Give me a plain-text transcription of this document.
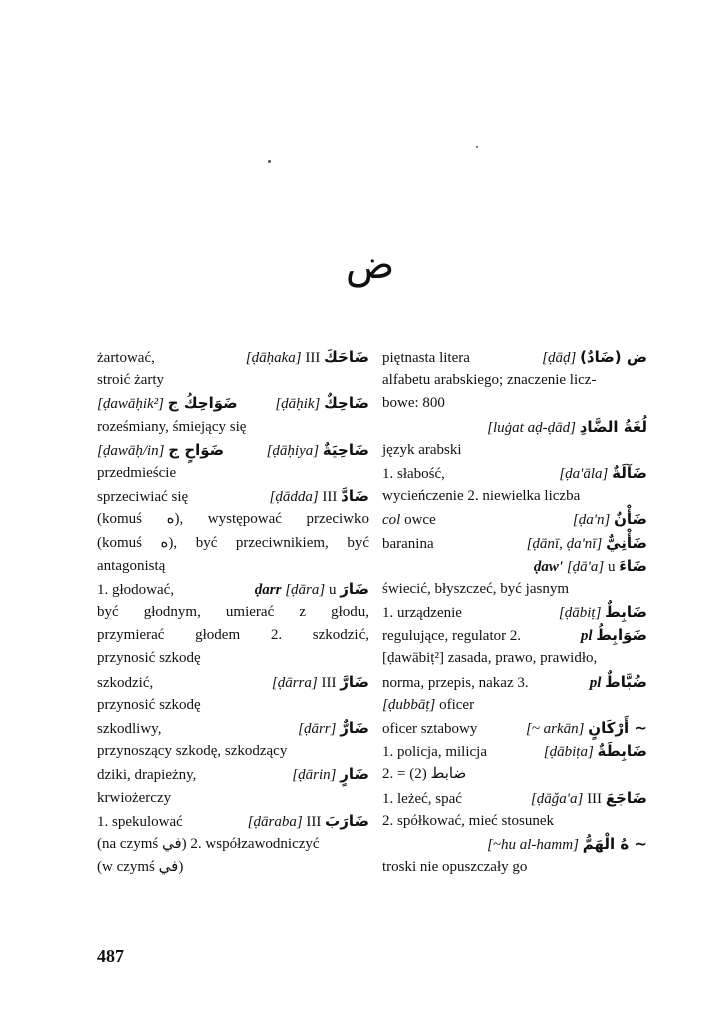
ض
żartować,	[ḍāḥaka] III ضَاحَكَ
stroić żarty
[ḍawāḥik²] ضَوَاحِكُ ج	[ḍāḥik] ضَاحِكٌ
roześmiany, śmiejący się
[ḍawāḥ/in] ضَوَاحٍ ج	[ḍāḥiya] ضَاحِيَةٌ
przedmieście
sprzeciwiać się	[ḍādda] III ضَادَّ
(komuś ه), występować przeciwko
(komuś ه), być przeciwnikiem, być
antagonistą
1. głodować,	ḍarr [ḍāra] u ضَارَ
być głodnym, umierać z głodu,
przymierać głodem 2. szkodzić,
przynosić szkodę
szkodzić,	[ḍārra] III ضَارَّ
przynosić szkodę
szkodliwy,	[ḍārr] ضَارٌّ
przynoszący szkodę, szkodzący
dziki, drapieżny,	[ḍārin] ضَارٍ
krwiożerczy
1. spekulować	[ḍāraba] III ضَارَبَ
(na czymś في) 2. współzawodniczyć
(w czymś في)
piętnasta litera	[ḍāḍ] ض (ضَادٌ)
alfabetu arabskiego; znaczenie licz-
bowe: 800
[luġat aḍ-ḍād] لُغَةُ الضَّادِ
język arabski
1. słabość,	[ḍa'āla] ضَآلَةٌ
wycieńczenie 2. niewielka liczba
col owce	[ḍa'n] ضَأْنٌ
baranina	[ḍānī, ḍa'nī] ضَأْنِيٌّ
ḍaw' [ḍā'a] u ضَاءَ
świecić, błyszczeć, być jasnym
1. urządzenie	[ḍābiṭ] ضَابِطٌ
regulujące, regulator 2.	pl ضَوَابِطُ
[ḍawābiṭ²] zasada, prawo, prawidło,
norma, przepis, nakaz 3.	pl ضُبَّاطٌ
[ḍubbāṭ] oficer
oficer sztabowy	[~ arkān] ~ أَرْكَانٍ
1. policja, milicja	[ḍābiṭa] ضَابِطَةٌ
2. = ضابط (2)
1. leżeć, spać	[ḍāǧa'a] III ضَاجَعَ
2. spółkować, mieć stosunek
[~hu al-hamm] ~ هُ الْهَمُّ
troski nie opuszczały go
487
